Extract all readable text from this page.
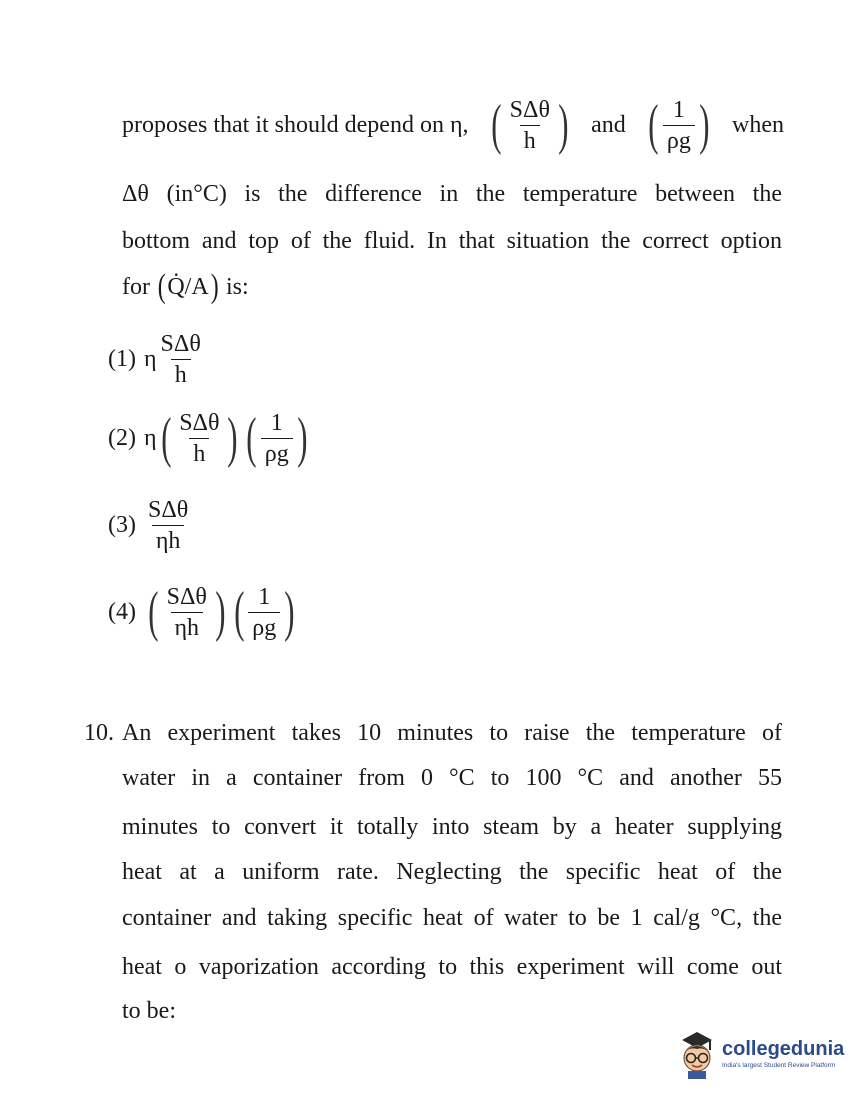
proposes that it should depend on η, ( $\frac{\text{SΔθ}}{h}$ ) and ( $\frac{1}{\rho g}$ ) when
Δθ (in°C) is the difference in the temperature between the
bottom and top of the fluid. In that situation the correct option
for ( Q̇/A ) is:
(1) η $\frac{\text{SΔθ}}{h}$
(2) η ( $\frac{\text{SΔθ}}{h}$ ) ( $\frac{1}{\rho g}$ )
$(3) \frac{\text{SΔθ}}{\eta h}$
(4) ( $\frac{\text{SΔθ}}{\eta h}$ ) ( $\frac{1}{\rho g}$ )
10. An experiment takes 10 minutes to raise the temperature of
water in a container from 0 °C to 100 °C and another 55
minutes to convert it totally into steam by a heater supplying
heat at a uniform rate. Neglecting the specific heat of the
container and taking specific heat of water to be 1 cal/g °C, the
heat o vaporization according to this experiment will come out
to be:
collegedunia
India's largest Student Review Platform
